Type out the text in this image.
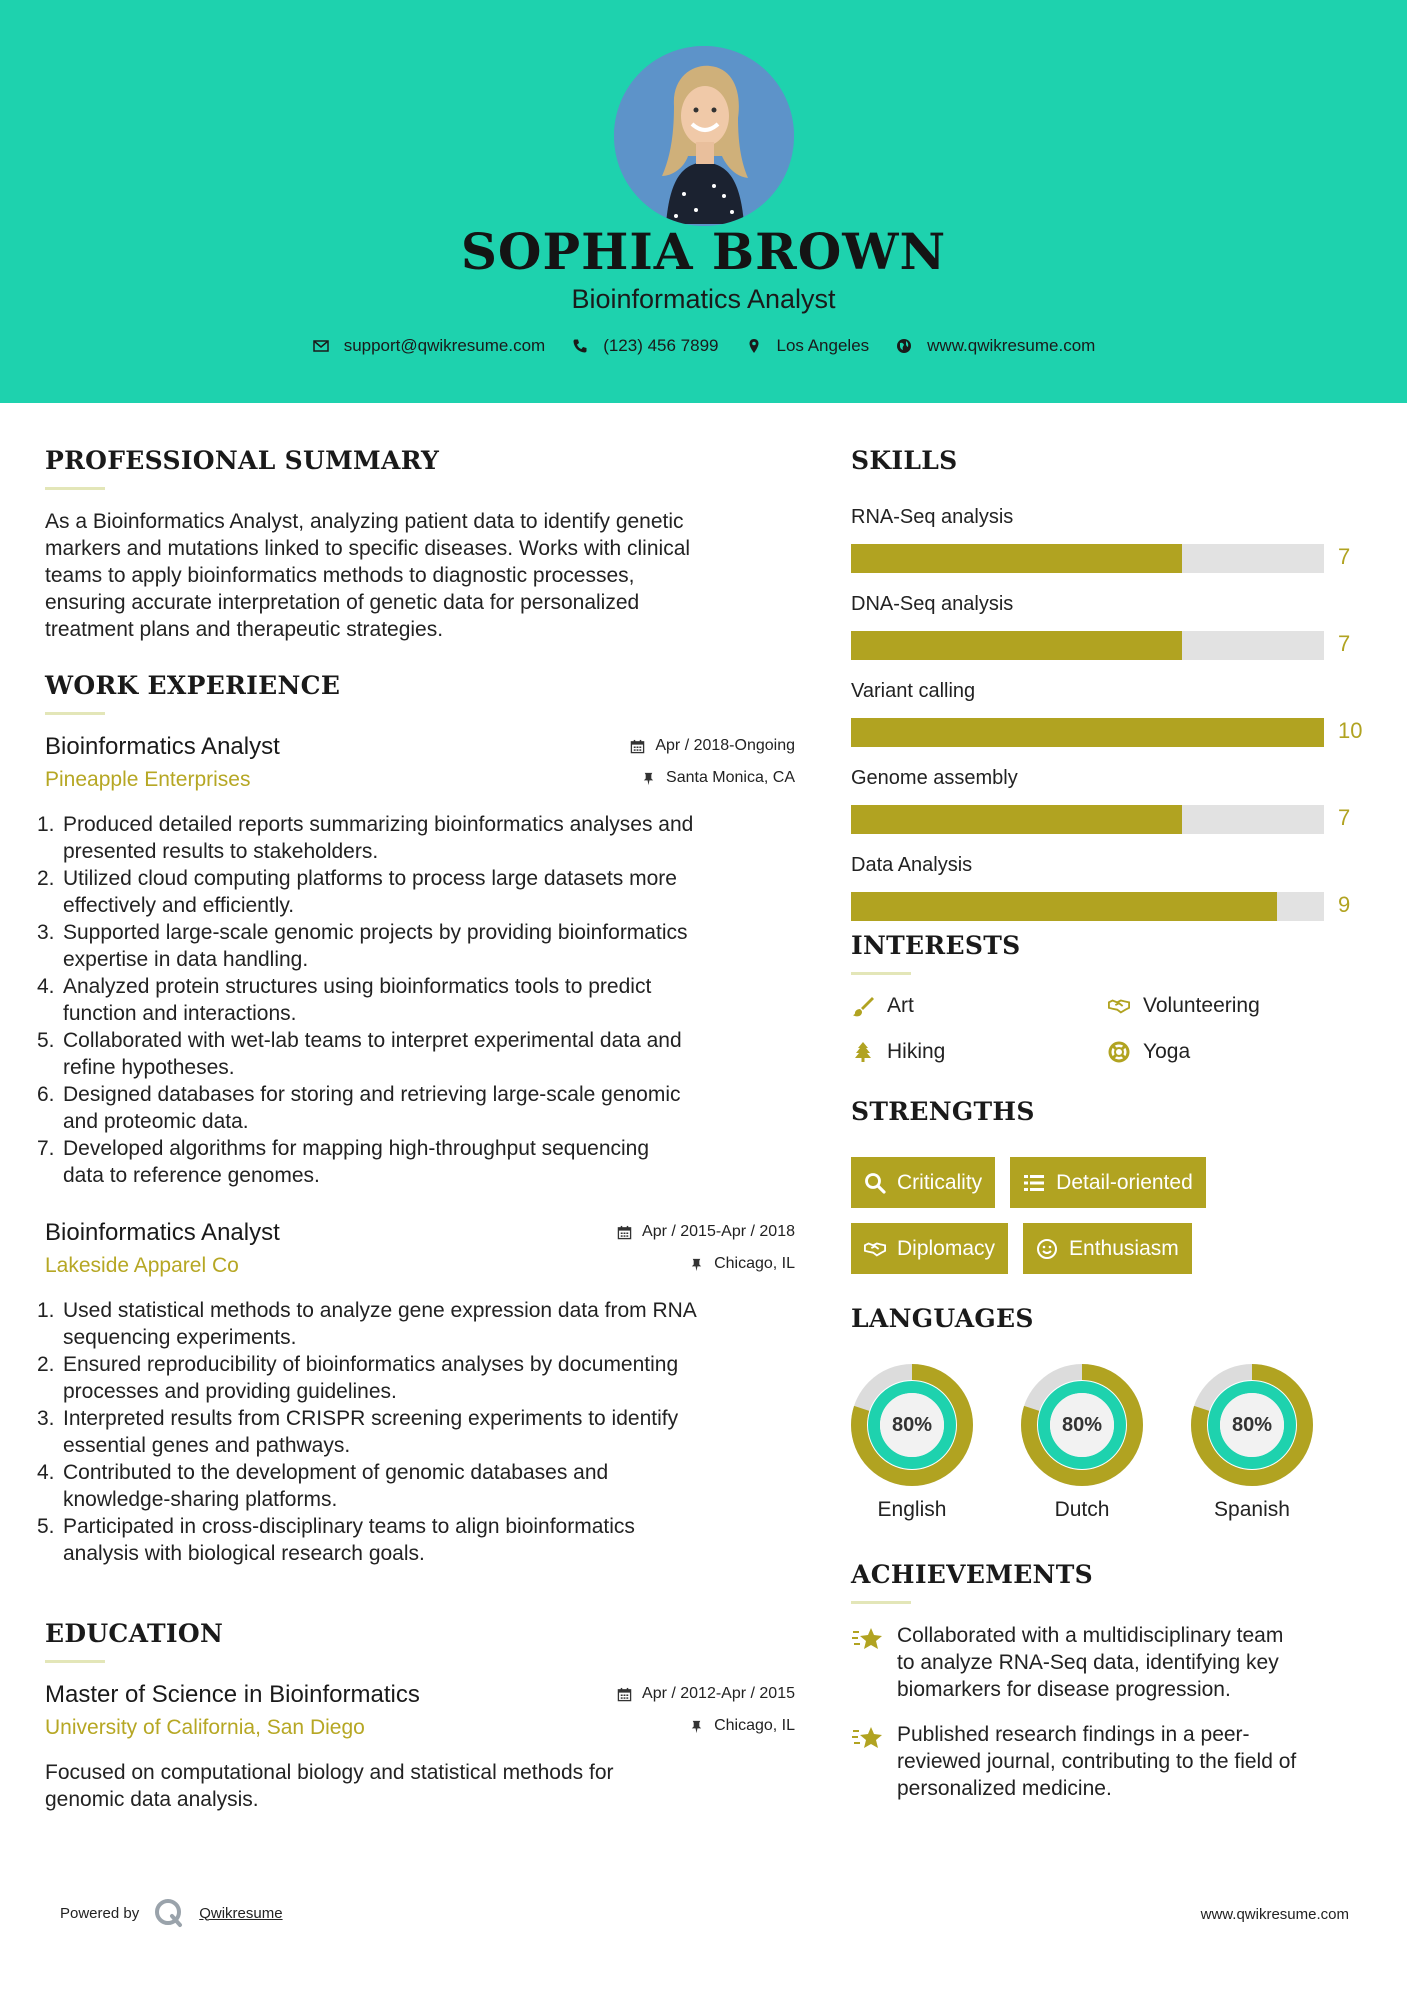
SOPHIA BROWN
Bioinformatics Analyst
support@qwikresume.com	(123) 456 7899	Los Angeles	www.qwikresume.com
PROFESSIONAL SUMMARY
As a Bioinformatics Analyst, analyzing patient data to identify genetic
markers and mutations linked to specific diseases. Works with clinical
teams to apply bioinformatics methods to diagnostic processes,
ensuring accurate interpretation of genetic data for personalized
treatment plans and therapeutic strategies.
WORK EXPERIENCE
Bioinformatics Analyst
Pineapple Enterprises
Apr / 2018-Ongoing
Santa Monica, CA
1. Produced detailed reports summarizing bioinformatics analyses and
presented results to stakeholders.
2. Utilized cloud computing platforms to process large datasets more
effectively and efficiently.
3. Supported large-scale genomic projects by providing bioinformatics
expertise in data handling.
4. Analyzed protein structures using bioinformatics tools to predict
function and interactions.
5. Collaborated with wet-lab teams to interpret experimental data and
refine hypotheses.
6. Designed databases for storing and retrieving large-scale genomic
and proteomic data.
7. Developed algorithms for mapping high-throughput sequencing
data to reference genomes.
Bioinformatics Analyst
Lakeside Apparel Co
Apr / 2015-Apr / 2018
Chicago, IL
1. Used statistical methods to analyze gene expression data from RNA
sequencing experiments.
2. Ensured reproducibility of bioinformatics analyses by documenting
processes and providing guidelines.
3. Interpreted results from CRISPR screening experiments to identify
essential genes and pathways.
4. Contributed to the development of genomic databases and
knowledge-sharing platforms.
5. Participated in cross-disciplinary teams to align bioinformatics
analysis with biological research goals.
EDUCATION
Master of Science in Bioinformatics
University of California, San Diego
Apr / 2012-Apr / 2015
Chicago, IL
Focused on computational biology and statistical methods for
genomic data analysis.
SKILLS
RNA-Seq analysis
7
DNA-Seq analysis
7
Variant calling
10
Genome assembly
7
Data Analysis
9
INTERESTS
Art	Volunteering
Hiking	Yoga
STRENGTHS
Criticality	Detail-oriented
Diplomacy	Enthusiasm
LANGUAGES
80%
English
80%
Dutch
80%
Spanish
ACHIEVEMENTS
Collaborated with a multidisciplinary team
to analyze RNA-Seq data, identifying key
biomarkers for disease progression.
Published research findings in a peer-
reviewed journal, contributing to the field of
personalized medicine.
Powered by	Qwikresume	www.qwikresume.com
